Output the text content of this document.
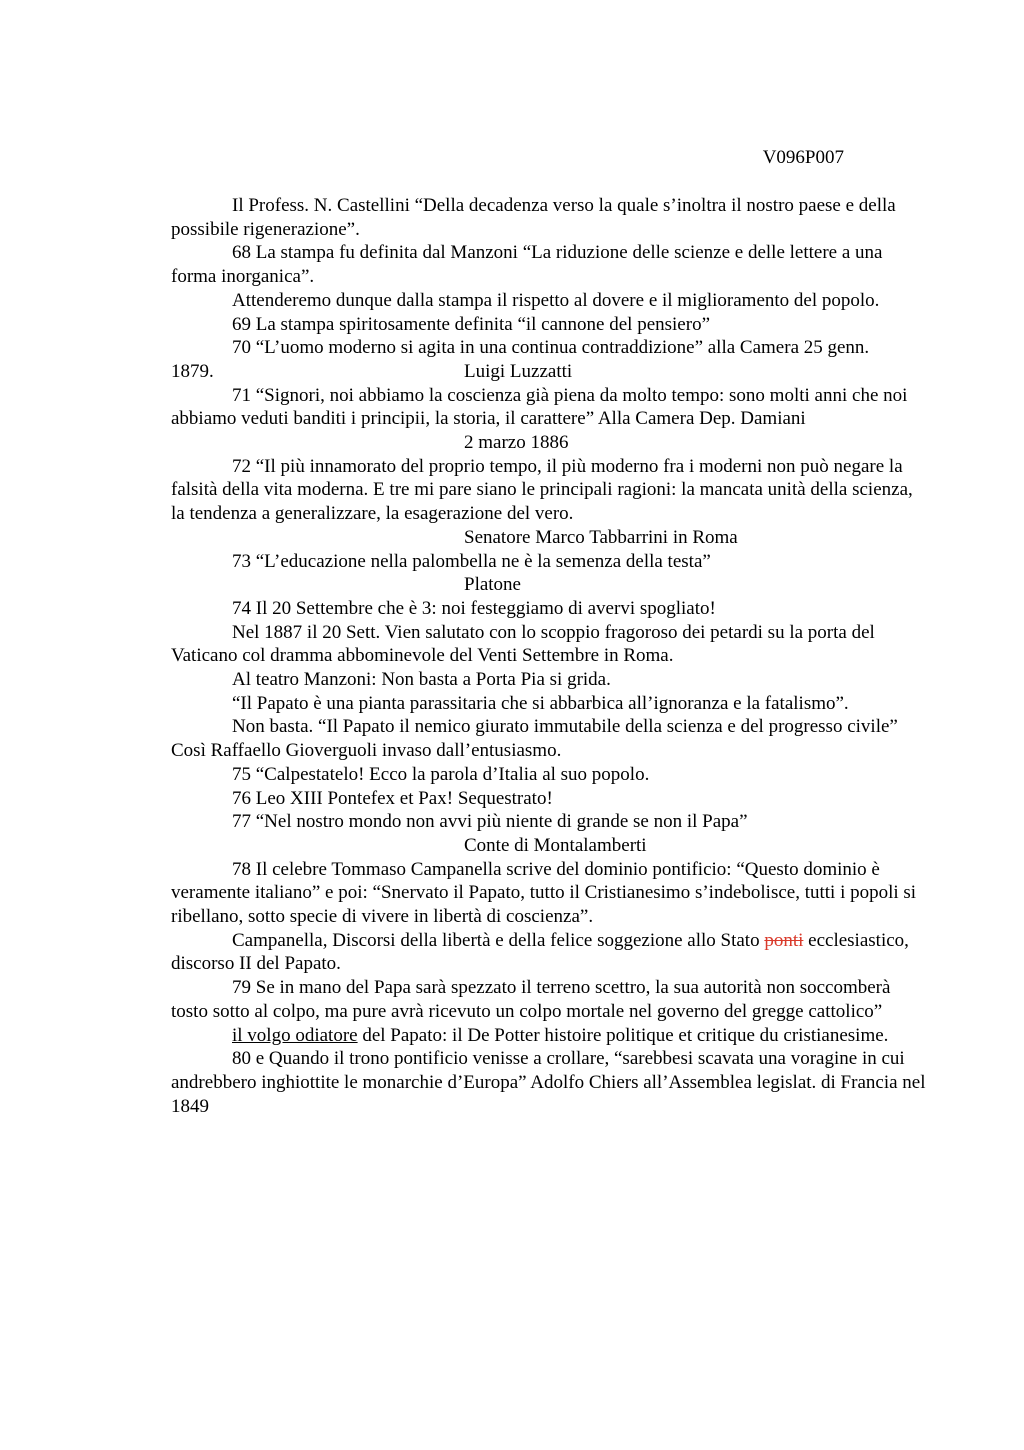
V096P007

Il Profess. N. Castellini “Della decadenza verso la quale s’inoltra il nostro paese e della possibile rigenerazione”.

68 La stampa fu definita dal Manzoni “La riduzione delle scienze e delle lettere a una forma inorganica”.

Attenderemo dunque dalla stampa il rispetto al dovere e il miglioramento del popolo.

69 La stampa spiritosamente definita “il cannone del pensiero”

70 “L’uomo moderno si agita in una continua contraddizione” alla Camera 25 genn.

1879.	Luigi Luzzatti

71 “Signori, noi abbiamo la coscienza già piena da molto tempo: sono molti anni che noi abbiamo veduti banditi i principii, la storia, il carattere” Alla Camera Dep. Damiani

2 marzo 1886

72 “Il più innamorato del proprio tempo, il più moderno fra i moderni non può negare la falsità della vita moderna. E tre mi pare siano le principali ragioni: la mancata unità della scienza, la tendenza a generalizzare, la esagerazione del vero.

Senatore Marco Tabbarrini in Roma

73 “L’educazione nella palombella ne è la semenza della testa”

Platone

74 Il 20 Settembre che è 3: noi festeggiamo di avervi spogliato!

Nel 1887 il 20 Sett. Vien salutato con lo scoppio fragoroso dei petardi su la porta del Vaticano col dramma abbominevole del Venti Settembre in Roma.

Al teatro Manzoni: Non basta a Porta Pia si grida.

“Il Papato è una pianta parassitaria che si abbarbica all’ignoranza e la fatalismo”.

Non basta. “Il Papato il nemico giurato immutabile della scienza e del progresso civile” Così Raffaello Gioverguoli invaso dall’entusiasmo.

75 “Calpestatelo! Ecco la parola d’Italia al suo popolo.

76 Leo XIII Pontefex et Pax! Sequestrato!

77 “Nel nostro mondo non avvi più niente di grande se non il Papa”

Conte di Montalamberti

78 Il celebre Tommaso Campanella scrive del dominio pontificio: “Questo dominio è veramente italiano” e poi: “Snervato il Papato, tutto il Cristianesimo s’indebolisce, tutti i popoli si ribellano, sotto specie di vivere in libertà di coscienza”.

Campanella, Discorsi della libertà e della felice soggezione allo Stato ponti ecclesiastico, discorso II del Papato.

79 Se in mano del Papa sarà spezzato il terreno scettro, la sua autorità non soccomberà tosto sotto al colpo, ma pure avrà ricevuto un colpo mortale nel governo del gregge cattolico”

il volgo odiatore del Papato: il De Potter histoire politique et critique du cristianesime.

80 e Quando il trono pontificio venisse a crollare, “sarebbesi scavata una voragine in cui andrebbero inghiottite le monarchie d’Europa” Adolfo Chiers all’Assemblea legislat. di Francia nel 1849
